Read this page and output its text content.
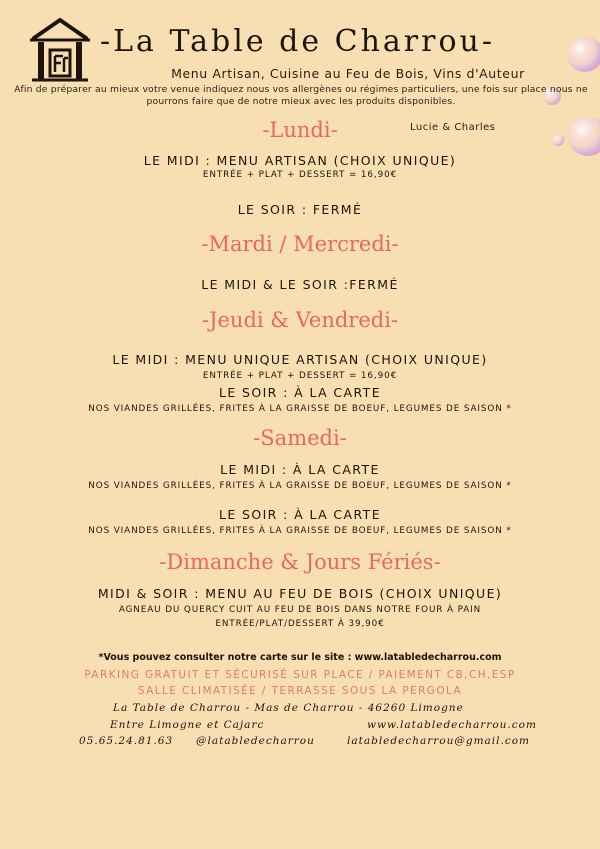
-La Table de Charrou-
Menu Artisan, Cuisine au Feu de Bois, Vins d'Auteur
Afin de préparer au mieux votre venue indiquez nous vos allergènes ou régimes particuliers, une fois sur place nous ne pourrons faire que de notre mieux avec les produits disponibles.
Lucie & Charles
-Lundi-
LE MIDI : MENU ARTISAN (CHOIX UNIQUE)
ENTRÉE + PLAT + DESSERT = 16,90€
LE SOIR : FERMÉ
-Mardi / Mercredi-
LE MIDI & LE SOIR :FERMÉ
-Jeudi & Vendredi-
LE MIDI : MENU UNIQUE ARTISAN (CHOIX UNIQUE)
ENTRÉE + PLAT + DESSERT = 16,90€
LE SOIR : À LA CARTE
NOS VIANDES GRILLÉES, FRITES À LA GRAISSE DE BOEUF, LEGUMES DE SAISON *
-Samedi-
LE MIDI : À LA CARTE
NOS VIANDES GRILLÉES, FRITES À LA GRAISSE DE BOEUF, LEGUMES DE SAISON *
LE SOIR : À LA CARTE
NOS VIANDES GRILLÉES, FRITES À LA GRAISSE DE BOEUF, LEGUMES DE SAISON *
-Dimanche & Jours Fériés-
MIDI & SOIR : MENU AU FEU DE BOIS (CHOIX UNIQUE)
AGNEAU DU QUERCY CUIT AU FEU DE BOIS DANS NOTRE FOUR À PAIN
ENTRÉE/PLAT/DESSERT À 39,90€
*Vous pouvez consulter notre carte sur le site : www.latabledecharrou.com
PARKING GRATUIT ET SÉCURISÉ SUR PLACE / PAIEMENT CB,CH,ESP
SALLE CLIMATISÉE / TERRASSE SOUS LA PERGOLA
La Table de Charrou - Mas de Charrou - 46260 Limogne
Entre Limogne et Cajarc	www.latabledecharrou.com
05.65.24.81.63 @latabledecharrou	latabledecharrou@gmail.com
